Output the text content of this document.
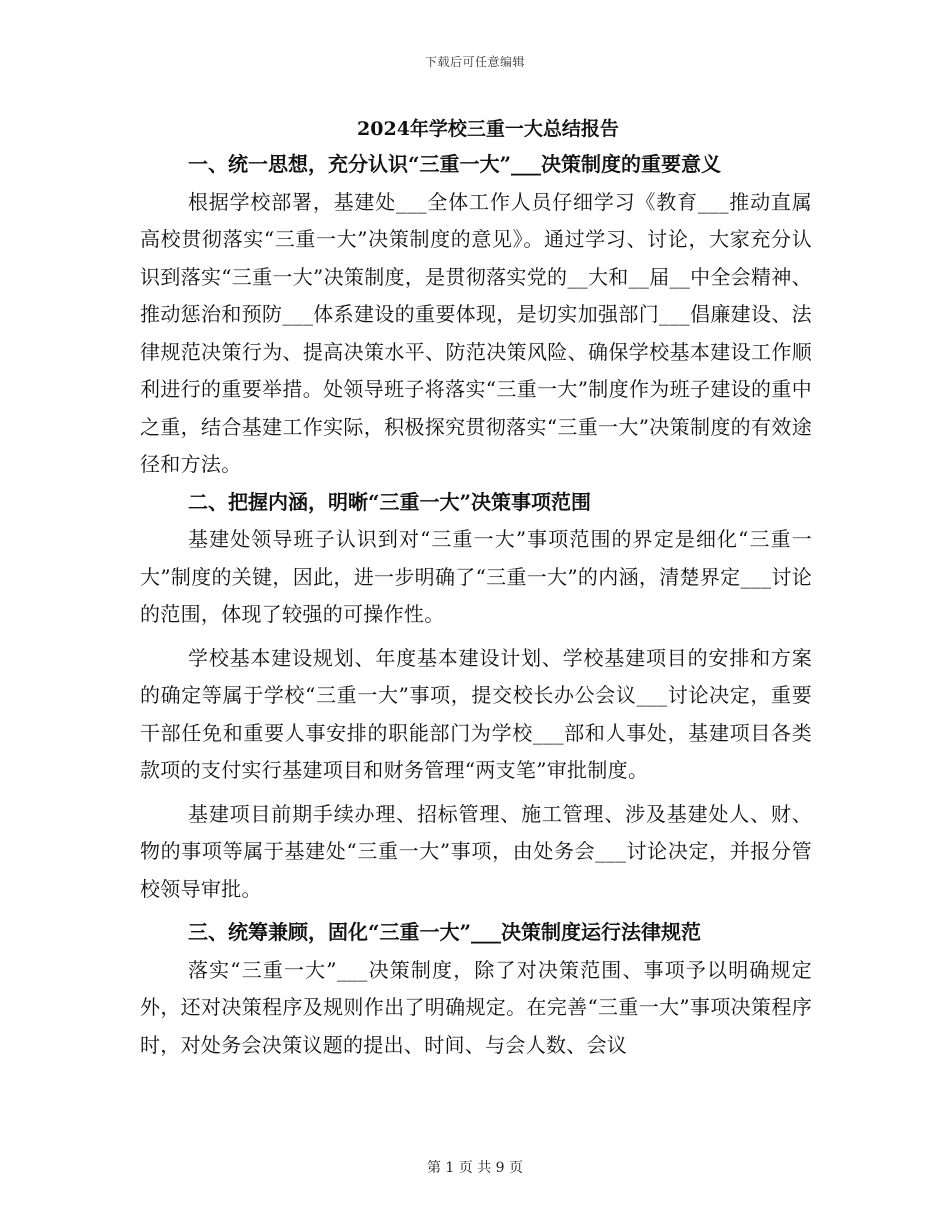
下载后可任意编辑
2024年学校三重一大总结报告
一、统一思想，充分认识“三重一大”___决策制度的重要意义

根据学校部署，基建处___全体工作人员仔细学习《教育___推动直属高校贯彻落实“三重一大”决策制度的意见》。通过学习、讨论，大家充分认识到落实“三重一大”决策制度，是贯彻落实党的__大和__届__中全会精神、推动惩治和预防___体系建设的重要体现，是切实加强部门___倡廉建设、法律规范决策行为、提高决策水平、防范决策风险、确保学校基本建设工作顺利进行的重要举措。处领导班子将落实“三重一大”制度作为班子建设的重中之重，结合基建工作实际，积极探究贯彻落实“三重一大”决策制度的有效途径和方法。

二、把握内涵，明晰“三重一大”决策事项范围

基建处领导班子认识到对“三重一大”事项范围的界定是细化“三重一大”制度的关键，因此，进一步明确了“三重一大”的内涵，清楚界定___讨论的范围，体现了较强的可操作性。

学校基本建设规划、年度基本建设计划、学校基建项目的安排和方案的确定等属于学校“三重一大”事项，提交校长办公会议___讨论决定，重要干部任免和重要人事安排的职能部门为学校___部和人事处，基建项目各类款项的支付实行基建项目和财务管理“两支笔”审批制度。

基建项目前期手续办理、招标管理、施工管理、涉及基建处人、财、物的事项等属于基建处“三重一大”事项，由处务会___讨论决定，并报分管校领导审批。

三、统筹兼顾，固化“三重一大”___决策制度运行法律规范

落实“三重一大”___决策制度，除了对决策范围、事项予以明确规定外，还对决策程序及规则作出了明确规定。在完善“三重一大”事项决策程序时，对处务会决策议题的提出、时间、与会人数、会议

第 1 页 共 9 页
